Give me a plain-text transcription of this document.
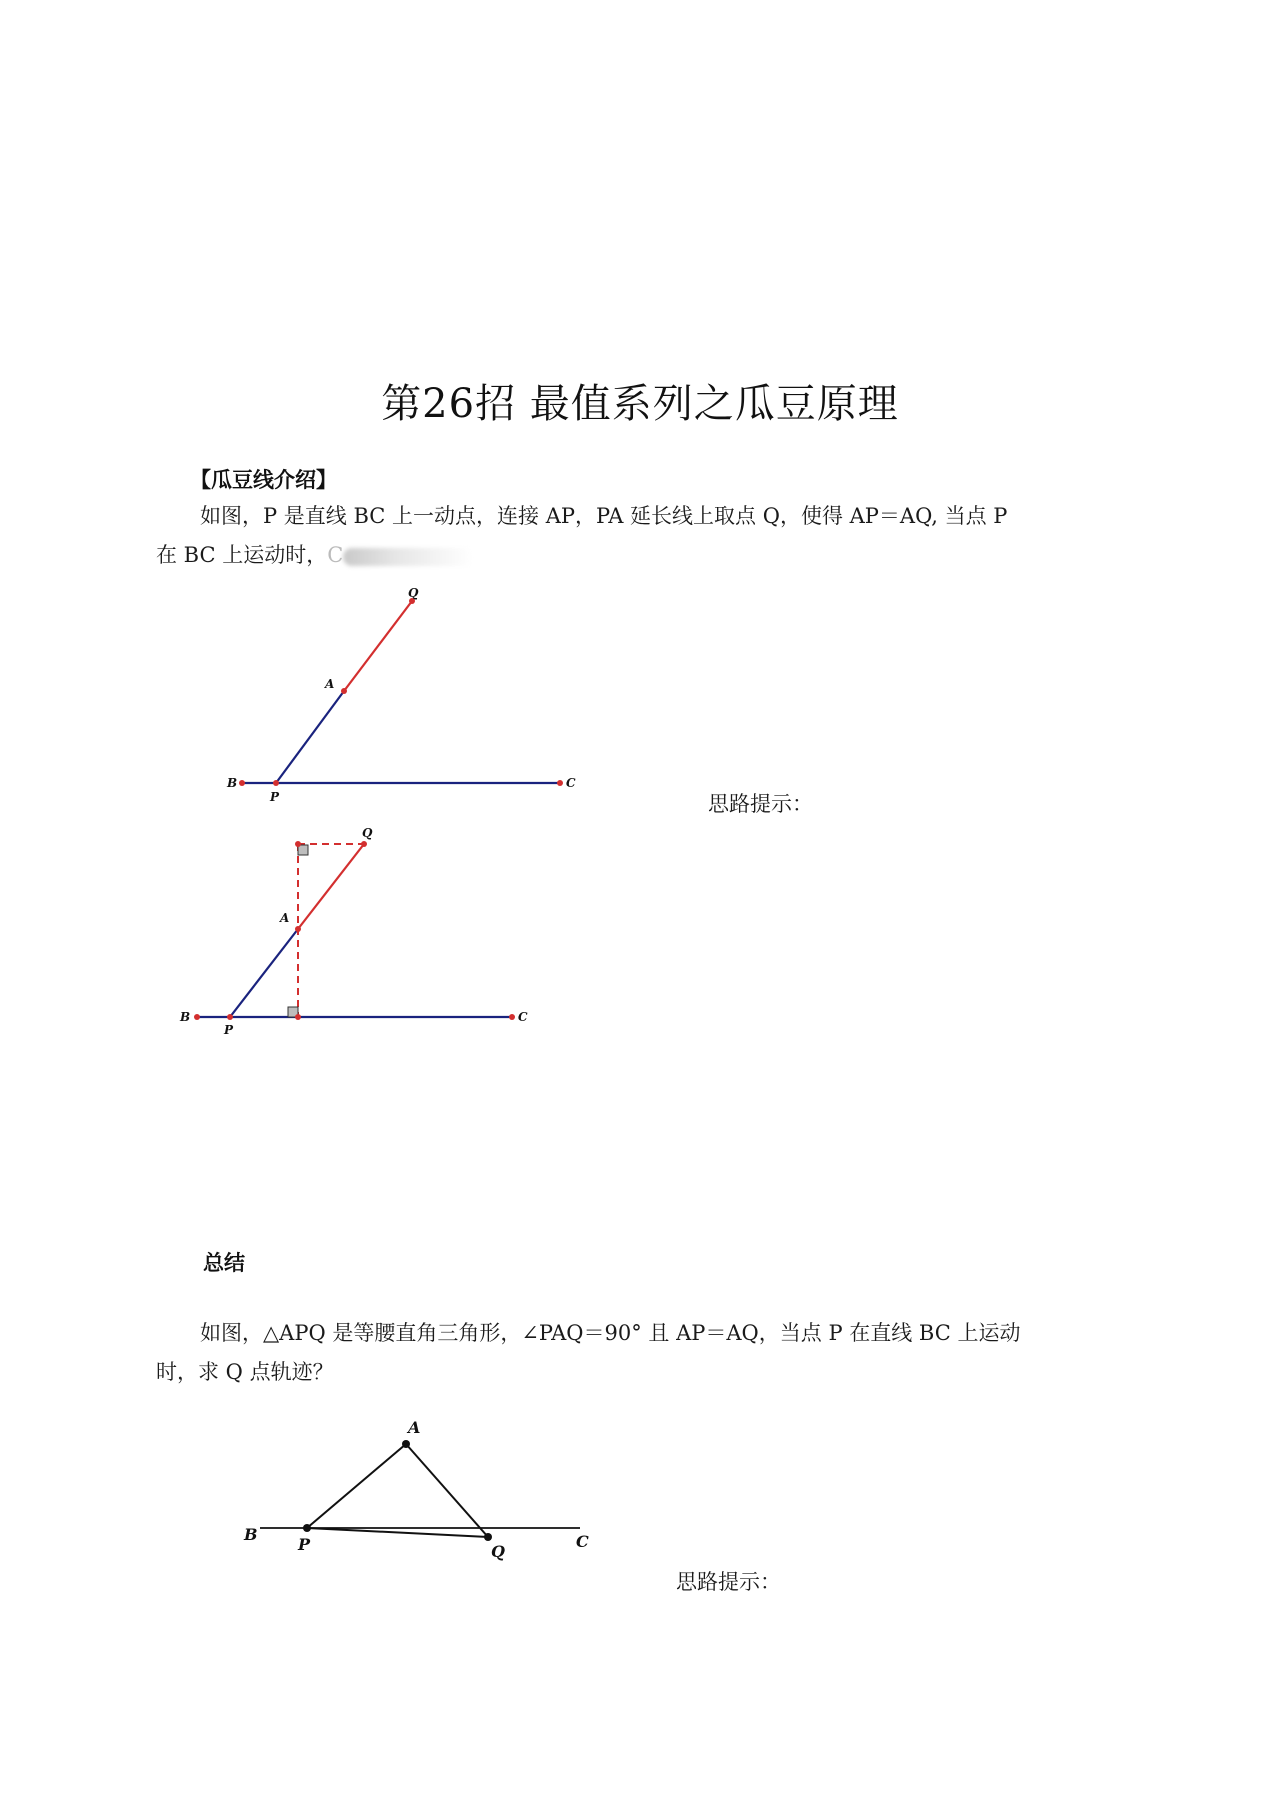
第26招 最值系列之瓜豆原理
【瓜豆线介绍】
如图，P 是直线 BC 上一动点，连接 AP，PA 延长线上取点 Q，使得 AP＝AQ, 当点 P
在 BC 上运动时，C
Q
A
B
P
C
思路提示：
Q
A
B
P
C
总结
如图，△APQ 是等腰直角三角形，∠PAQ＝90° 且 AP＝AQ，当点 P 在直线 BC 上运动
时，求 Q 点轨迹？
A
B
P	Q
C
思路提示：
